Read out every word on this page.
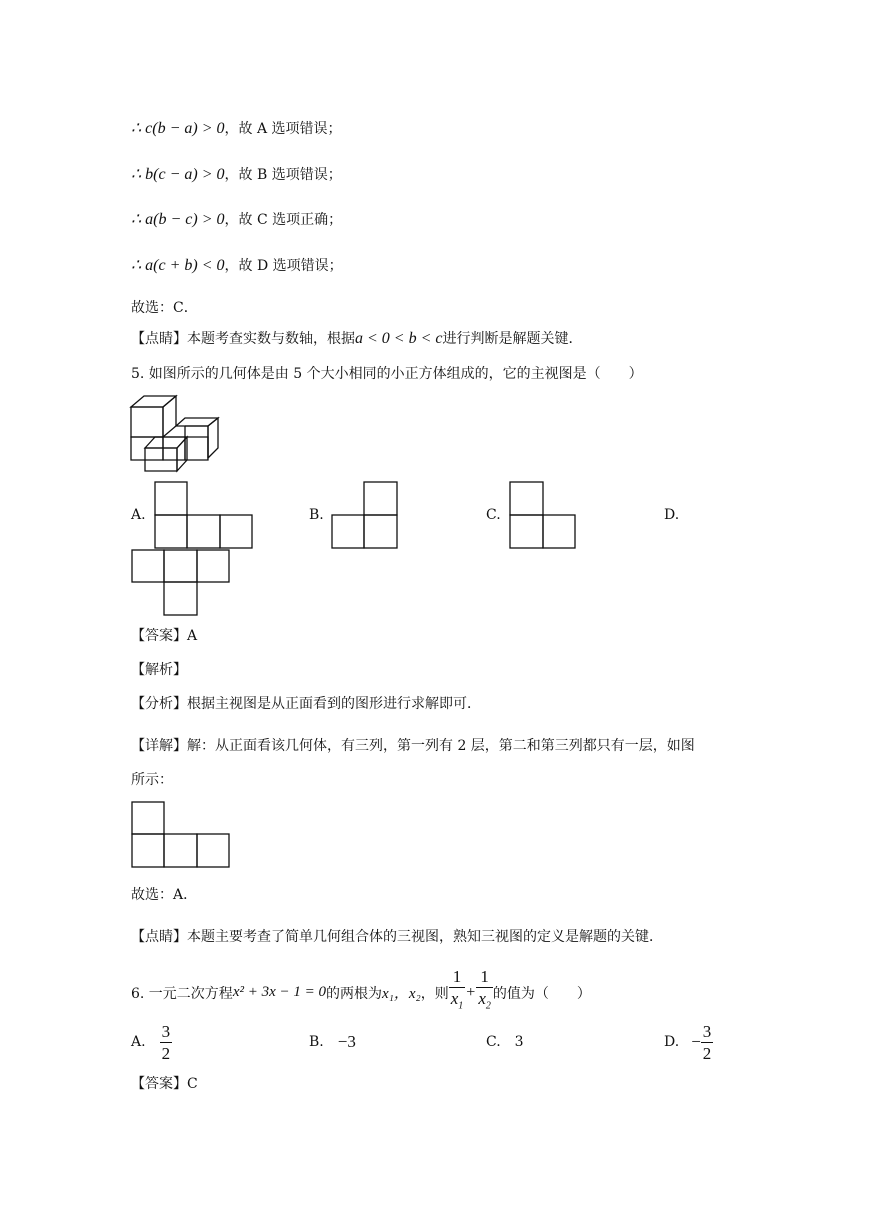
∴ c(b − a) > 0，故 A 选项错误；
∴ b(c − a) > 0，故 B 选项错误；
∴ a(b − c) > 0，故 C 选项正确；
∴ a(c + b) < 0，故 D 选项错误；
故选：C．
【点睛】本题考查实数与数轴，根据a < 0 < b < c进行判断是解题关键．
5. 如图所示的几何体是由 5 个大小相同的小正方体组成的，它的主视图是（　　）
A.	B.	C.	D.
【答案】A
【解析】
【分析】根据主视图是从正面看到的图形进行求解即可．
【详解】解：从正面看该几何体，有三列，第一列有 2 层，第二和第三列都只有一层，如图
所示：
故选：A．
【点睛】本题主要考查了简单几何组合体的三视图，熟知三视图的定义是解题的关键．
6. 一元二次方程 x² + 3x − 1 = 0 的两根为 x₁，x₂ ，则 $\frac{1}{x_1} + \frac{1}{x_2}$ 的值为（　　）
A. $\frac{3}{2}$	B. −3	C. 3	D. − $\frac{3}{2}$
【答案】C
